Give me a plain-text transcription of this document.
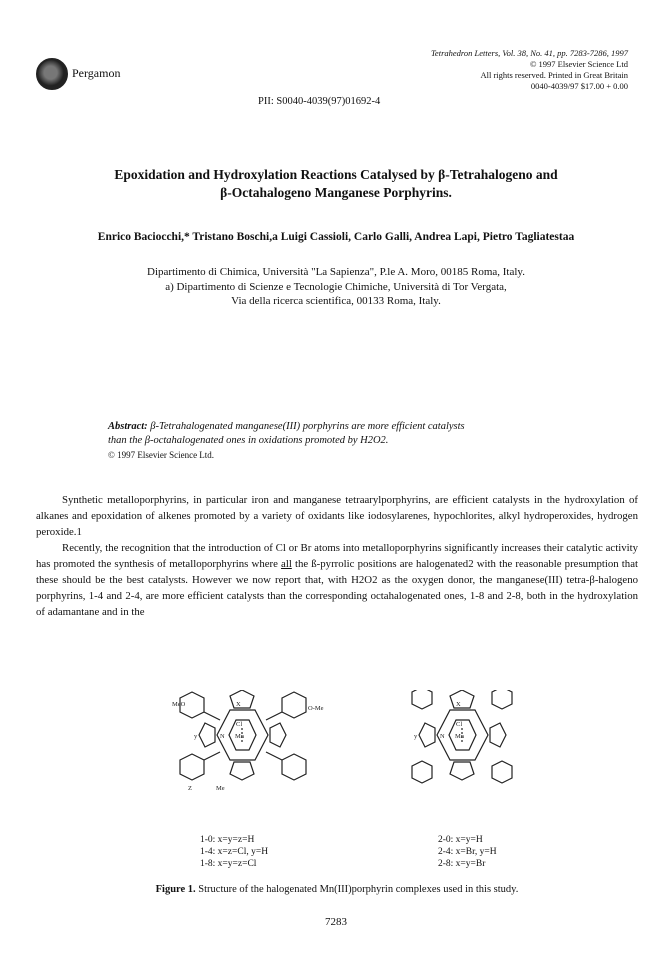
Pergamon
Tetrahedron Letters, Vol. 38, No. 41, pp. 7283-7286, 1997
© 1997 Elsevier Science Ltd
All rights reserved. Printed in Great Britain
0040-4039/97 $17.00 + 0.00
PII: S0040-4039(97)01692-4
Epoxidation and Hydroxylation Reactions Catalysed by β-Tetrahalogeno and
β-Octahalogeno Manganese Porphyrins.
Enrico Baciocchi,* Tristano Boschi,a Luigi Cassioli, Carlo Galli, Andrea Lapi, Pietro Tagliatestaa
Dipartimento di Chimica, Università "La Sapienza", P.le A. Moro, 00185 Roma, Italy.
a) Dipartimento di Scienze e Tecnologie Chimiche, Università di Tor Vergata,
Via della ricerca scientifica, 00133 Roma, Italy.
Abstract: β-Tetrahalogenated manganese(III) porphyrins are more efficient catalysts
than the β-octahalogenated ones in oxidations promoted by H2O2.
© 1997 Elsevier Science Ltd.

Synthetic metalloporphyrins, in particular iron and manganese tetraarylporphyrins, are efficient catalysts in the hydroxylation of alkanes and epoxidation of alkenes promoted by a variety of oxidants like iodosylarenes, hypochlorites, alkyl hydroperoxides, hydrogen peroxide.1

Recently, the recognition that the introduction of Cl or Br atoms into metalloporphyrins significantly increases their catalytic activity has promoted the synthesis of metalloporphyrins where all the ß-pyrrolic positions are halogenated2 with the reasonable presumption that these should be the best catalysts. However we now report that, with H2O2 as the oxygen donor, the manganese(III) tetra-β-halogeno porphyrins, 1-4 and 2-4, are more efficient catalysts than the corresponding octahalogenated ones, 1-8 and 2-8, both in the hydroxylation of adamantane and in the

Mn
Cl
N
X
y
MeO
O-Me
Z	Me
Mn
Cl
N
X
y
1-0: x=y=z=H
1-4: x=z=Cl, y=H
1-8: x=y=z=Cl
2-0: x=y=H
2-4: x=Br, y=H
2-8: x=y=Br
Figure 1. Structure of the halogenated Mn(III)porphyrin complexes used in this study.
7283
